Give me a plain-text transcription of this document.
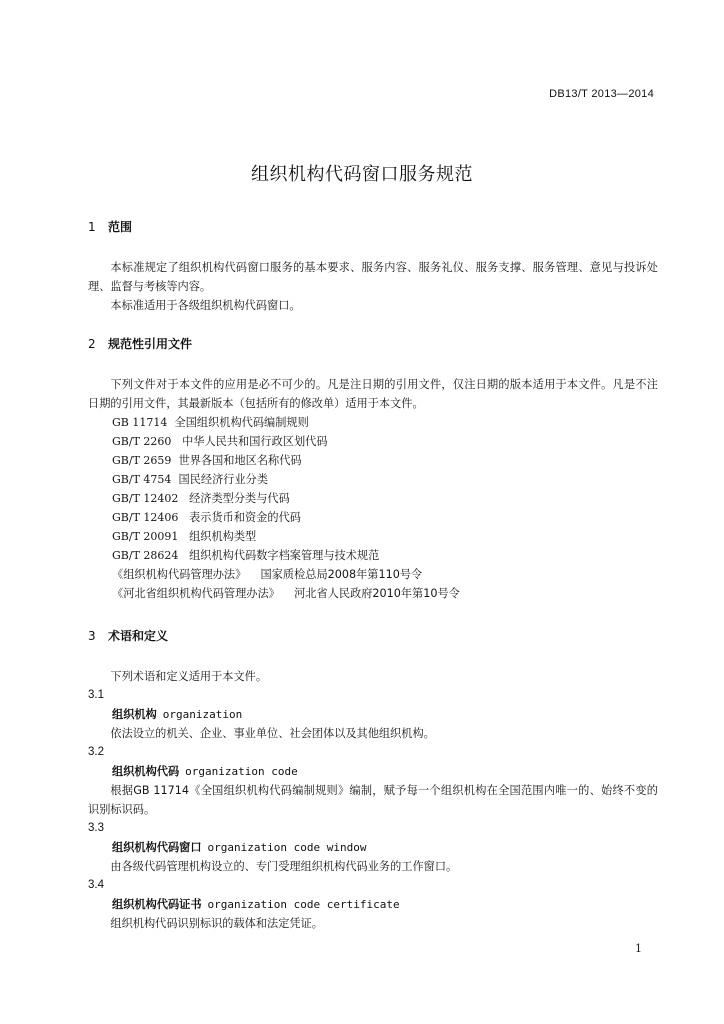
DB13/T 2013—2014
组织机构代码窗口服务规范

1 范围

本标准规定了组织机构代码窗口服务的基本要求、服务内容、服务礼仪、服务支撑、服务管理、意见与投诉处理、监督与考核等内容。

本标准适用于各级组织机构代码窗口。

2 规范性引用文件

下列文件对于本文件的应用是必不可少的。凡是注日期的引用文件，仅注日期的版本适用于本文件。凡是不注日期的引用文件，其最新版本（包括所有的修改单）适用于本文件。

GB 11714 全国组织机构代码编制规则

GB/T 2260 中华人民共和国行政区划代码

GB/T 2659 世界各国和地区名称代码

GB/T 4754 国民经济行业分类

GB/T 12402 经济类型分类与代码

GB/T 12406 表示货币和资金的代码

GB/T 20091 组织机构类型

GB/T 28624 组织机构代码数字档案管理与技术规范

《组织机构代码管理办法》 国家质检总局2008年第110号令

《河北省组织机构代码管理办法》 河北省人民政府2010年第10号令

3 术语和定义

下列术语和定义适用于本文件。

3.1

组织机构 organization

依法设立的机关、企业、事业单位、社会团体以及其他组织机构。

3.2

组织机构代码 organization code

根据GB 11714《全国组织机构代码编制规则》编制，赋予每一个组织机构在全国范围内唯一的、始终不变的识别标识码。

3.3

组织机构代码窗口 organization code window

由各级代码管理机构设立的、专门受理组织机构代码业务的工作窗口。

3.4

组织机构代码证书 organization code certificate

组织机构代码识别标识的载体和法定凭证。

1
